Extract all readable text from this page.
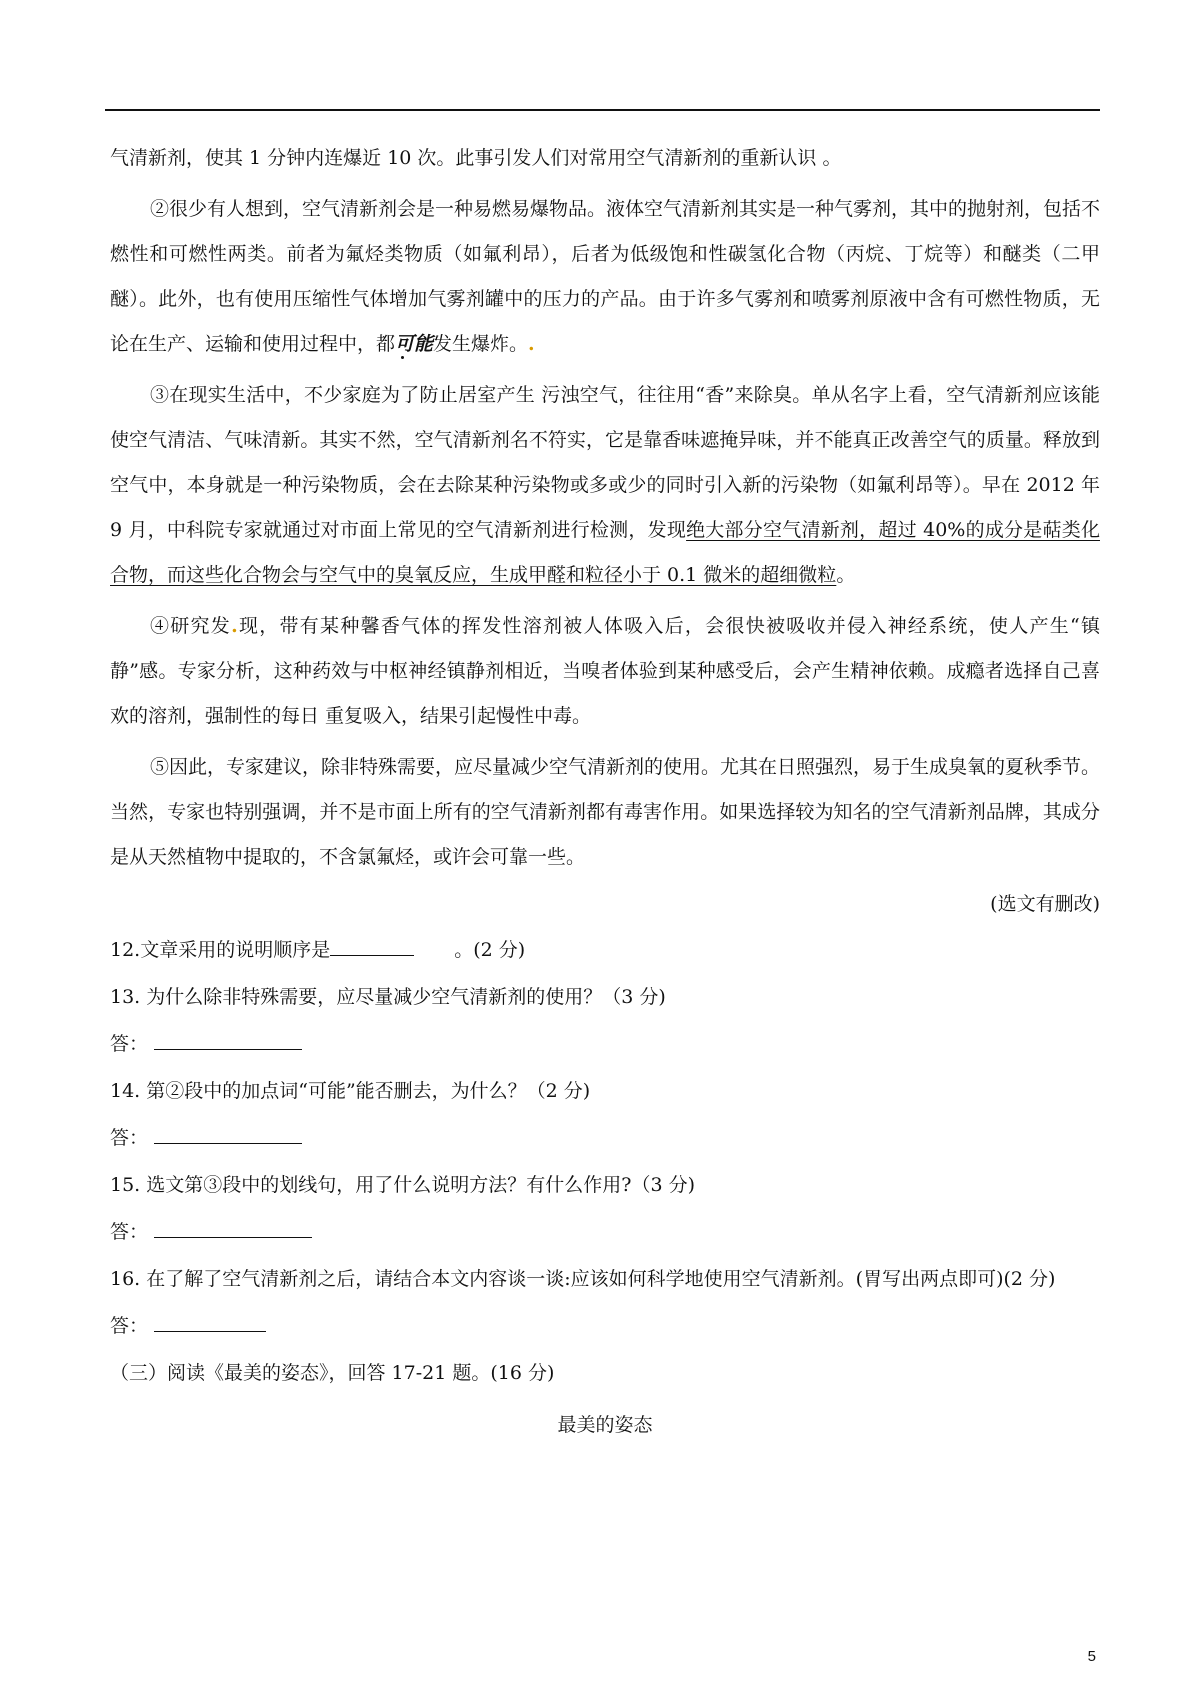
气清新剂，使其 1 分钟内连爆近 10 次。此事引发人们对常用空气清新剂的重新认识 。

②很少有人想到，空气清新剂会是一种易燃易爆物品。液体空气清新剂其实是一种气雾剂，其中的抛射剂，包括不燃性和可燃性两类。前者为氟烃类物质（如氟利昂），后者为低级饱和性碳氢化合物（丙烷、丁烷等）和醚类（二甲醚）。此外，也有使用压缩性气体增加气雾剂罐中的压力的产品。由于许多气雾剂和喷雾剂原液中含有可燃性物质，无论在生产、运输和使用过程中，都可能发生爆炸。.

③在现实生活中，不少家庭为了防止居室产生 污浊空气，往往用“香”来除臭。单从名字上看，空气清新剂应该能使空气清洁、气味清新。其实不然，空气清新剂名不符实，它是靠香味遮掩异味，并不能真正改善空气的质量。释放到空气中，本身就是一种污染物质，会在去除某种污染物或多或少的同时引入新的污染物（如氟利昂等）。早在 2012 年 9 月，中科院专家就通过对市面上常见的空气清新剂进行检测，发现绝大部分空气清新剂，超过 40%的成分是萜类化合物，而这些化合物会与空气中的臭氧反应，生成甲醛和粒径小于 0.1 微米的超细微粒。

④研究发.现，带有某种馨香气体的挥发性溶剂被人体吸入后，会很快被吸收并侵入神经系统，使人产生“镇静”感。专家分析，这种药效与中枢神经镇静剂相近，当嗅者体验到某种感受后，会产生精神依赖。成瘾者选择自己喜欢的溶剂，强制性的每日 重复吸入，结果引起慢性中毒。

⑤因此，专家建议，除非特殊需要，应尽量减少空气清新剂的使用。尤其在日照强烈，易于生成臭氧的夏秋季节。当然，专家也特别强调，并不是市面上所有的空气清新剂都有毒害作用。如果选择较为知名的空气清新剂品牌，其成分是从天然植物中提取的，不含氯氟烃，或许会可靠一些。

(选文有删改)

12.文章采用的说明顺序是	。(2 分)

13. 为什么除非特殊需要，应尽量减少空气清新剂的使用？（3 分)

答：

14. 第②段中的加点词“可能”能否删去，为什么？（2 分)

答：

15. 选文第③段中的划线句，用了什么说明方法？有什么作用?（3 分)

答：

16. 在了解了空气清新剂之后，请结合本文内容谈一谈:应该如何科学地使用空气清新剂。(胃写出两点即可)(2 分)

答：

（三）阅读《最美的姿态》，回答 17-21 题。(16 分)

最美的姿态

5
